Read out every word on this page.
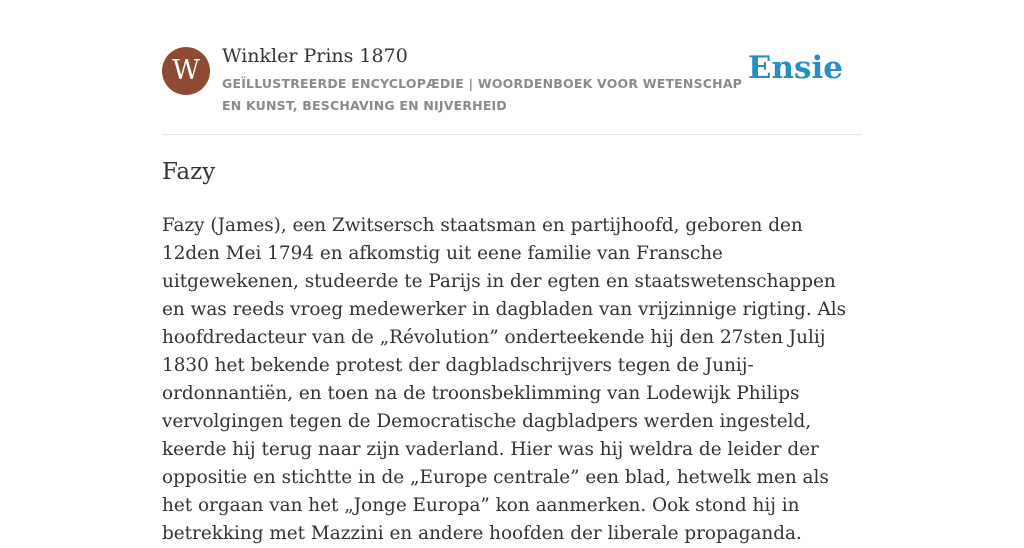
W	Winkler Prins 1870
GEÏLLUSTREERDE ENCYCLOPÆDIE | WOORDENBOEK VOOR WETENSCHAP EN KUNST, BESCHAVING EN NIJVERHEID
Ensie
Fazy

Fazy (James), een Zwitsersch staatsman en partijhoofd, geboren den 12den Mei 1794 en afkomstig uit eene familie van Fransche uitgewekenen, studeerde te Parijs in der egten en staatswetenschappen en was reeds vroeg medewerker in dagbladen van vrijzinnige rigting. Als hoofdredacteur van de „Révolution” onderteekende hij den 27sten Julij 1830 het bekende protest der dagbladschrijvers tegen de Junij-ordonnantiën, en toen na de troonsbeklimming van Lodewijk Philips vervolgingen tegen de Democratische dagbladpers werden ingesteld, keerde hij terug naar zijn vaderland. Hier was hij weldra de leider der oppositie en stichtte in de „Europe centrale” een blad, hetwelk men als het orgaan van het „Jonge Europa” kon aanmerken. Ook stond hij in betrekking met Mazzini en andere hoofden der liberale propaganda.
